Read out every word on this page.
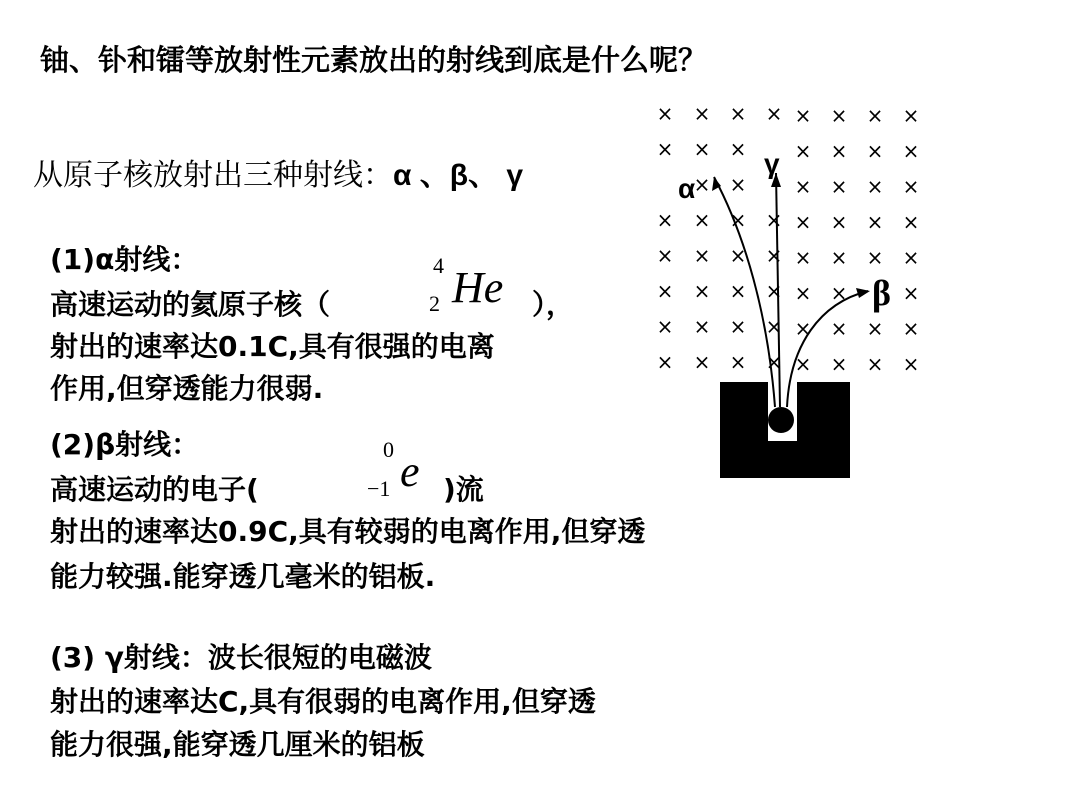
铀、钋和镭等放射性元素放出的射线到底是什么呢？
从原子核放射出三种射线：α 、β、 γ
(1)α射线：
高速运动的氦原子核（	），
4
2 He
射出的速率达0.1C,具有很强的电离
作用,但穿透能力很弱.
(2)β射线：
高速运动的电子(	)流
0
−1 e
射出的速率达0.9C,具有较弱的电离作用,但穿透
能力较强.能穿透几毫米的铝板.
(3) γ射线：波长很短的电磁波
射出的速率达C,具有很弱的电离作用,但穿透
能力很强,能穿透几厘米的铝板
× × × × × × × ×
× × × × × × ×
×	× × × ×
× × × × × × × ×
× × × × × × × ×
× × × × × ×	×
× × × × × × × ×
× × × × × × × ×
×
α
γ
β
